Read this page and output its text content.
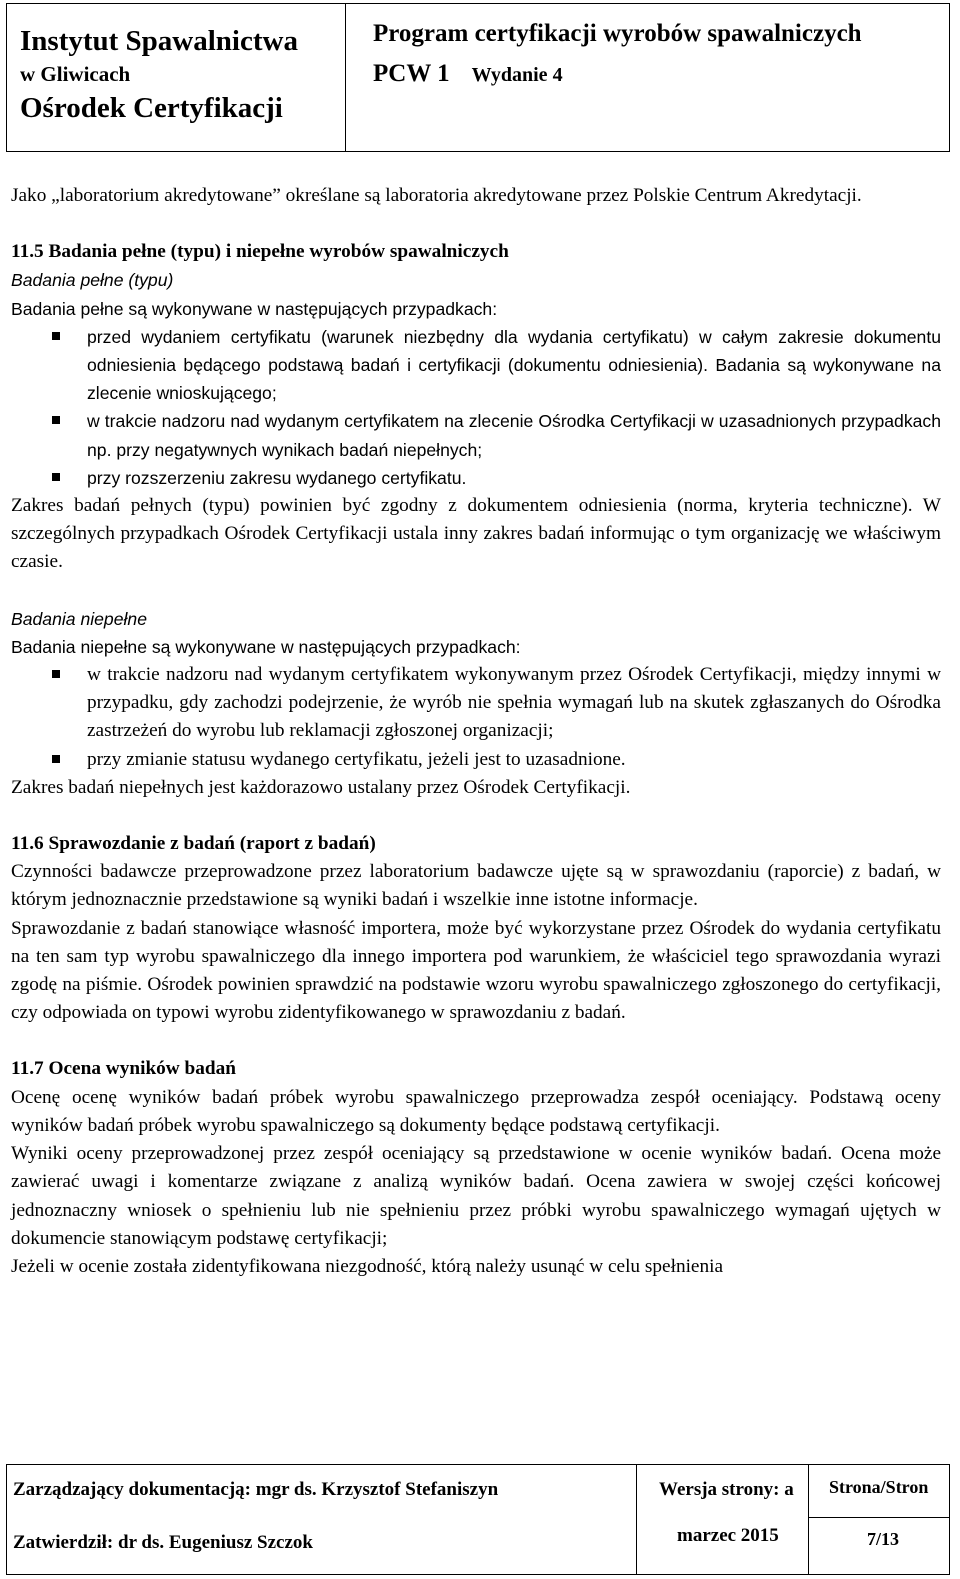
Instytut Spawalnictwa
w Gliwicach
Ośrodek Certyfikacji
Program certyfikacji wyrobów spawalniczych
PCW 1 Wydanie 4

Jako „laboratorium akredytowane” określane są laboratoria akredytowane przez Polskie Centrum Akredytacji.

11.5 Badania pełne (typu) i niepełne wyrobów spawalniczych

Badania pełne (typu)

Badania pełne są wykonywane w następujących przypadkach:

przed wydaniem certyfikatu (warunek niezbędny dla wydania certyfikatu) w całym zakresie dokumentu odniesienia będącego podstawą badań i certyfikacji (dokumentu odniesienia). Badania są wykonywane na zlecenie wnioskującego;
w trakcie nadzoru nad wydanym certyfikatem na zlecenie Ośrodka Certyfikacji w uzasadnionych przypadkach np. przy negatywnych wynikach badań niepełnych;
przy rozszerzeniu zakresu wydanego certyfikatu.

Zakres badań pełnych (typu) powinien być zgodny z dokumentem odniesienia (norma, kryteria techniczne). W szczególnych przypadkach Ośrodek Certyfikacji ustala inny zakres badań informując o tym organizację we właściwym czasie.

Badania niepełne

Badania niepełne są wykonywane w następujących przypadkach:

w trakcie nadzoru nad wydanym certyfikatem wykonywanym przez Ośrodek Certyfikacji, między innymi w przypadku, gdy zachodzi podejrzenie, że wyrób nie spełnia wymagań lub na skutek zgłaszanych do Ośrodka zastrzeżeń do wyrobu lub reklamacji zgłoszonej organizacji;
przy zmianie statusu wydanego certyfikatu, jeżeli jest to uzasadnione.

Zakres badań niepełnych jest każdorazowo ustalany przez Ośrodek Certyfikacji.

11.6 Sprawozdanie z badań (raport z badań)

Czynności badawcze przeprowadzone przez laboratorium badawcze ujęte są w sprawozdaniu (raporcie) z badań, w którym jednoznacznie przedstawione są wyniki badań i wszelkie inne istotne informacje.

Sprawozdanie z badań stanowiące własność importera, może być wykorzystane przez Ośrodek do wydania certyfikatu na ten sam typ wyrobu spawalniczego dla innego importera pod warunkiem, że właściciel tego sprawozdania wyrazi zgodę na piśmie. Ośrodek powinien sprawdzić na podstawie wzoru wyrobu spawalniczego zgłoszonego do certyfikacji, czy odpowiada on typowi wyrobu zidentyfikowanego w sprawozdaniu z badań.

11.7 Ocena wyników badań

Ocenę ocenę wyników badań próbek wyrobu spawalniczego przeprowadza zespół oceniający. Podstawą oceny wyników badań próbek wyrobu spawalniczego są dokumenty będące podstawą certyfikacji.

Wyniki oceny przeprowadzonej przez zespół oceniający są przedstawione w ocenie wyników badań. Ocena może zawierać uwagi i komentarze związane z analizą wyników badań. Ocena zawiera w swojej części końcowej jednoznaczny wniosek o spełnieniu lub nie spełnieniu przez próbki wyrobu spawalniczego wymagań ujętych w dokumencie stanowiącym podstawę certyfikacji;

Jeżeli w ocenie została zidentyfikowana niezgodność, którą należy usunąć w celu spełnienia

Zarządzający dokumentacją: mgr ds. Krzysztof Stefaniszyn
Zatwierdził: dr ds. Eugeniusz Szczok
Wersja strony: a
marzec 2015
Strona/Stron
7/13
